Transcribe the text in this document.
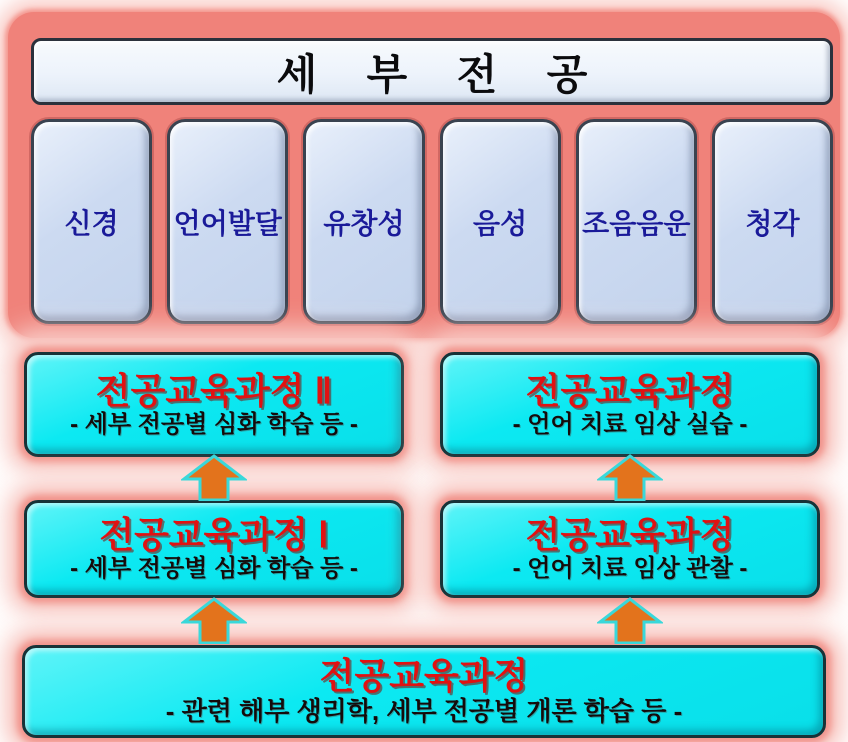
세 부 전 공
신경 언어발달 유창성 음성 조음음운 청각
전공교육과정 Ⅱ
- 세부 전공별 심화 학습 등 -
전공교육과정
- 언어 치료 임상 실습 -
전공교육과정 Ⅰ
- 세부 전공별 심화 학습 등 -
전공교육과정
- 언어 치료 임상 관찰 -
전공교육과정
- 관련 해부 생리학, 세부 전공별 개론 학습 등 -
